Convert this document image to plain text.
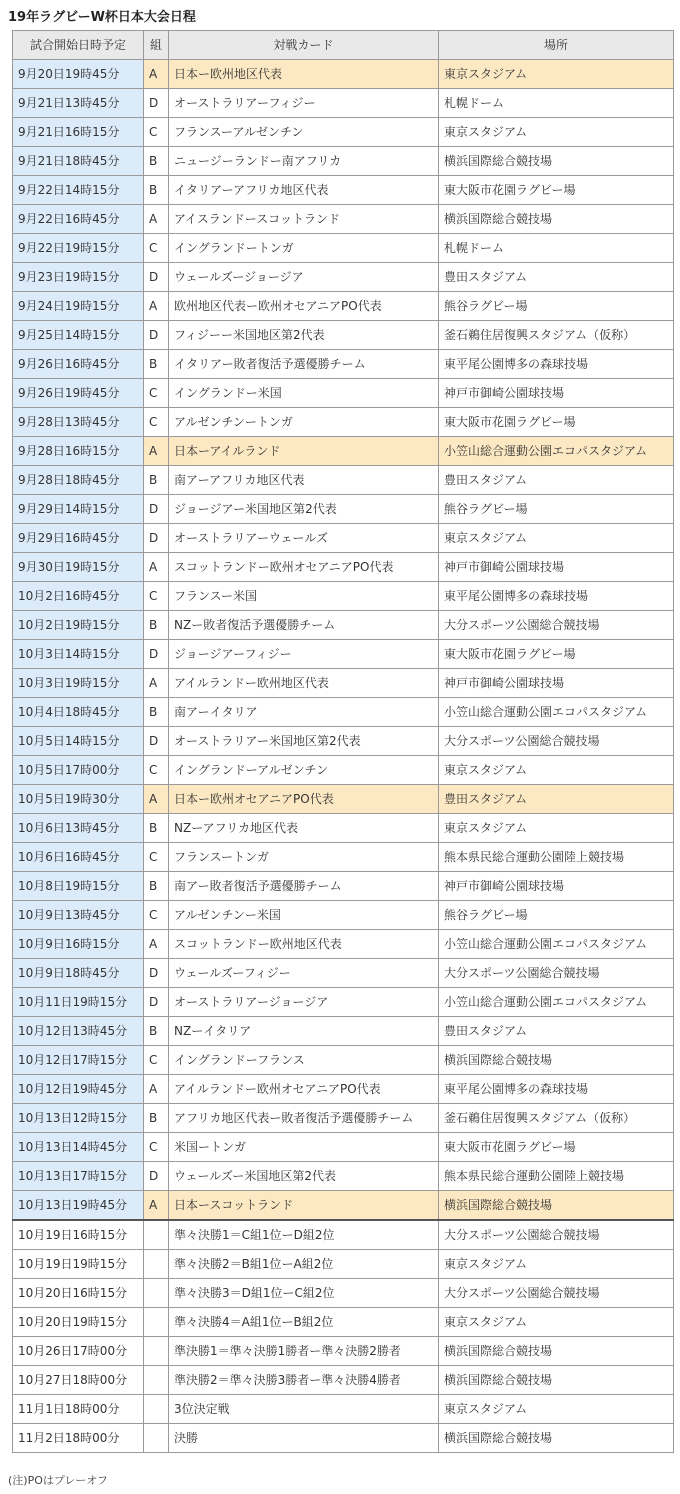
19年ラグビーW杯日本大会日程
試合開始日時予定	組	対戦カード	場所
9月20日19時45分	A	日本ー欧州地区代表	東京スタジアム
9月21日13時45分	D	オーストラリアーフィジー	札幌ドーム
9月21日16時15分	C	フランスーアルゼンチン	東京スタジアム
9月21日18時45分	B	ニュージーランドー南アフリカ	横浜国際総合競技場
9月22日14時15分	B	イタリアーアフリカ地区代表	東大阪市花園ラグビー場
9月22日16時45分	A	アイスランドースコットランド	横浜国際総合競技場
9月22日19時15分	C	イングランドートンガ	札幌ドーム
9月23日19時15分	D	ウェールズージョージア	豊田スタジアム
9月24日19時15分	A	欧州地区代表ー欧州オセアニアPO代表	熊谷ラグビー場
9月25日14時15分	D	フィジーー米国地区第2代表	釜石鵜住居復興スタジアム（仮称）
9月26日16時45分	B	イタリアー敗者復活予選優勝チーム	東平尾公園博多の森球技場
9月26日19時45分	C	イングランドー米国	神戸市御崎公園球技場
9月28日13時45分	C	アルゼンチンートンガ	東大阪市花園ラグビー場
9月28日16時15分	A	日本ーアイルランド	小笠山総合運動公園エコパスタジアム
9月28日18時45分	B	南アーアフリカ地区代表	豊田スタジアム
9月29日14時15分	D	ジョージアー米国地区第2代表	熊谷ラグビー場
9月29日16時45分	D	オーストラリアーウェールズ	東京スタジアム
9月30日19時15分	A	スコットランドー欧州オセアニアPO代表	神戸市御崎公園球技場
10月2日16時45分	C	フランスー米国	東平尾公園博多の森球技場
10月2日19時15分	B	NZー敗者復活予選優勝チーム	大分スポーツ公園総合競技場
10月3日14時15分	D	ジョージアーフィジー	東大阪市花園ラグビー場
10月3日19時15分	A	アイルランドー欧州地区代表	神戸市御崎公園球技場
10月4日18時45分	B	南アーイタリア	小笠山総合運動公園エコパスタジアム
10月5日14時15分	D	オーストラリアー米国地区第2代表	大分スポーツ公園総合競技場
10月5日17時00分	C	イングランドーアルゼンチン	東京スタジアム
10月5日19時30分	A	日本ー欧州オセアニアPO代表	豊田スタジアム
10月6日13時45分	B	NZーアフリカ地区代表	東京スタジアム
10月6日16時45分	C	フランスートンガ	熊本県民総合運動公園陸上競技場
10月8日19時15分	B	南アー敗者復活予選優勝チーム	神戸市御崎公園球技場
10月9日13時45分	C	アルゼンチンー米国	熊谷ラグビー場
10月9日16時15分	A	スコットランドー欧州地区代表	小笠山総合運動公園エコパスタジアム
10月9日18時45分	D	ウェールズーフィジー	大分スポーツ公園総合競技場
10月11日19時15分	D	オーストラリアージョージア	小笠山総合運動公園エコパスタジアム
10月12日13時45分	B	NZーイタリア	豊田スタジアム
10月12日17時15分	C	イングランドーフランス	横浜国際総合競技場
10月12日19時45分	A	アイルランドー欧州オセアニアPO代表	東平尾公園博多の森球技場
10月13日12時15分	B	アフリカ地区代表ー敗者復活予選優勝チーム	釜石鵜住居復興スタジアム（仮称）
10月13日14時45分	C	米国ートンガ	東大阪市花園ラグビー場
10月13日17時15分	D	ウェールズー米国地区第2代表	熊本県民総合運動公園陸上競技場
10月13日19時45分	A	日本ースコットランド	横浜国際総合競技場
10月19日16時15分		準々決勝1＝C組1位ーD組2位	大分スポーツ公園総合競技場
10月19日19時15分		準々決勝2＝B組1位ーA組2位	東京スタジアム
10月20日16時15分		準々決勝3＝D組1位ーC組2位	大分スポーツ公園総合競技場
10月20日19時15分		準々決勝4＝A組1位ーB組2位	東京スタジアム
10月26日17時00分		準決勝1＝準々決勝1勝者ー準々決勝2勝者	横浜国際総合競技場
10月27日18時00分		準決勝2＝準々決勝3勝者ー準々決勝4勝者	横浜国際総合競技場
11月1日18時00分		3位決定戦	東京スタジアム
11月2日18時00分		決勝	横浜国際総合競技場
(注)POはプレーオフ
